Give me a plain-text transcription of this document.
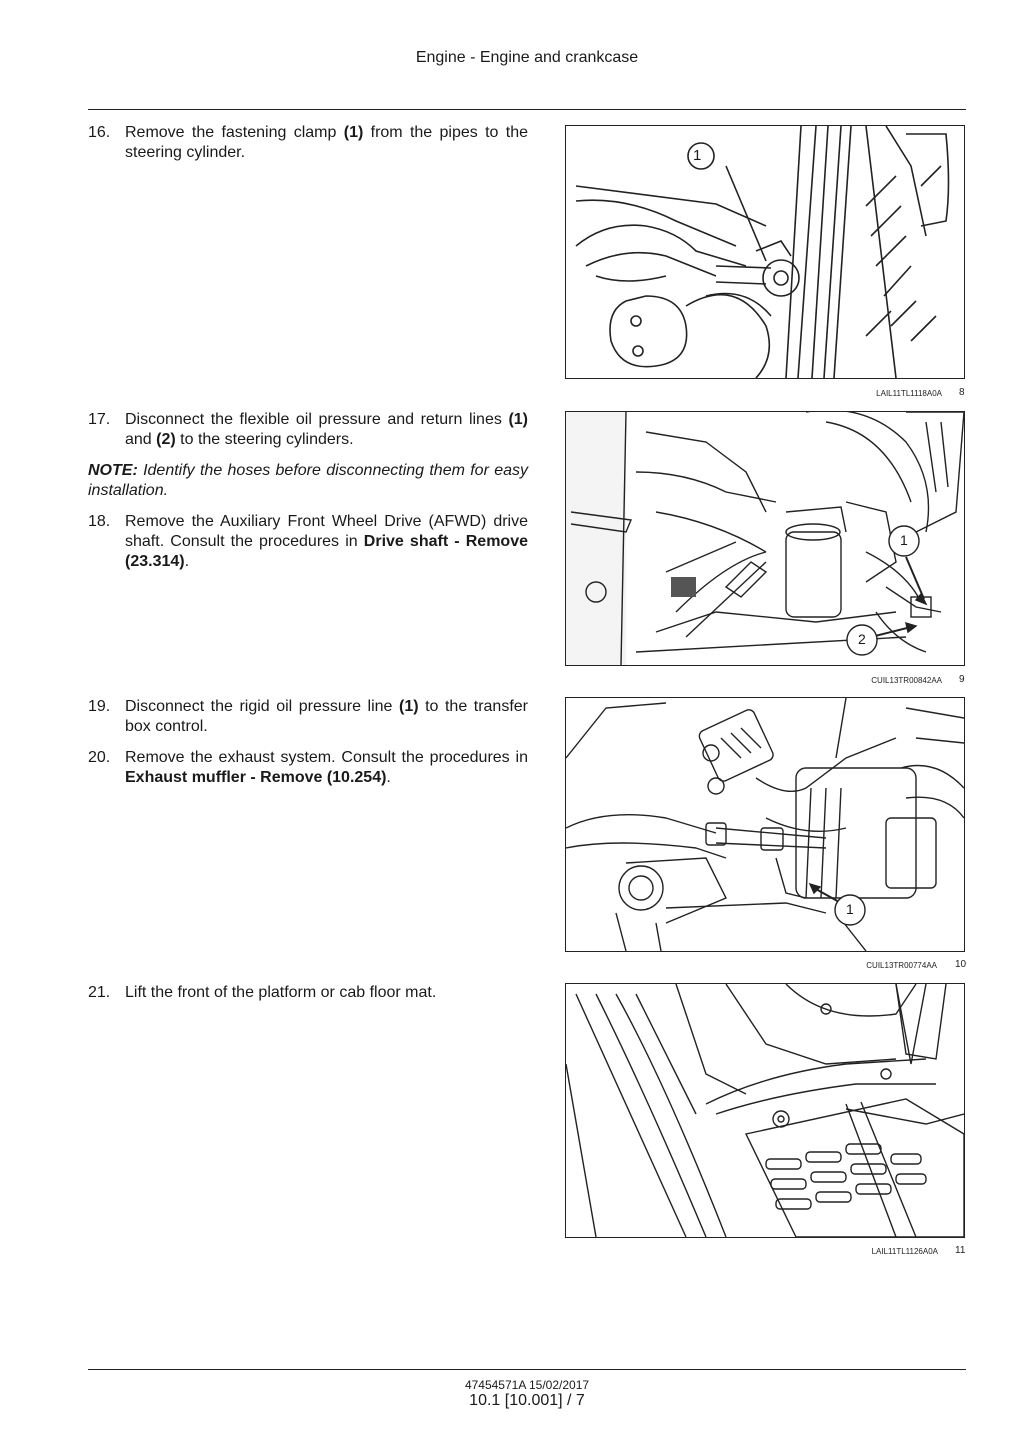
Engine - Engine and crankcase
16. Remove the fastening clamp (1) from the pipes to the steering cylinder.	1
LAIL11TL1118A0A 8
17. Disconnect the flexible oil pressure and return lines (1) and (2) to the steering cylinders.
NOTE: Identify the hoses before disconnecting them for easy installation.
18. Remove the Auxiliary Front Wheel Drive (AFWD) drive shaft. Consult the procedures in Drive shaft - Remove (23.314).
1
2
CUIL13TR00842AA 9
19. Disconnect the rigid oil pressure line (1) to the transfer box control.
20. Remove the exhaust system. Consult the procedures in Exhaust muffler - Remove (10.254).
1
CUIL13TR00774AA 10
21. Lift the front of the platform or cab floor mat.
LAIL11TL1126A0A 11
47454571A 15/02/2017
10.1 [10.001] / 7
